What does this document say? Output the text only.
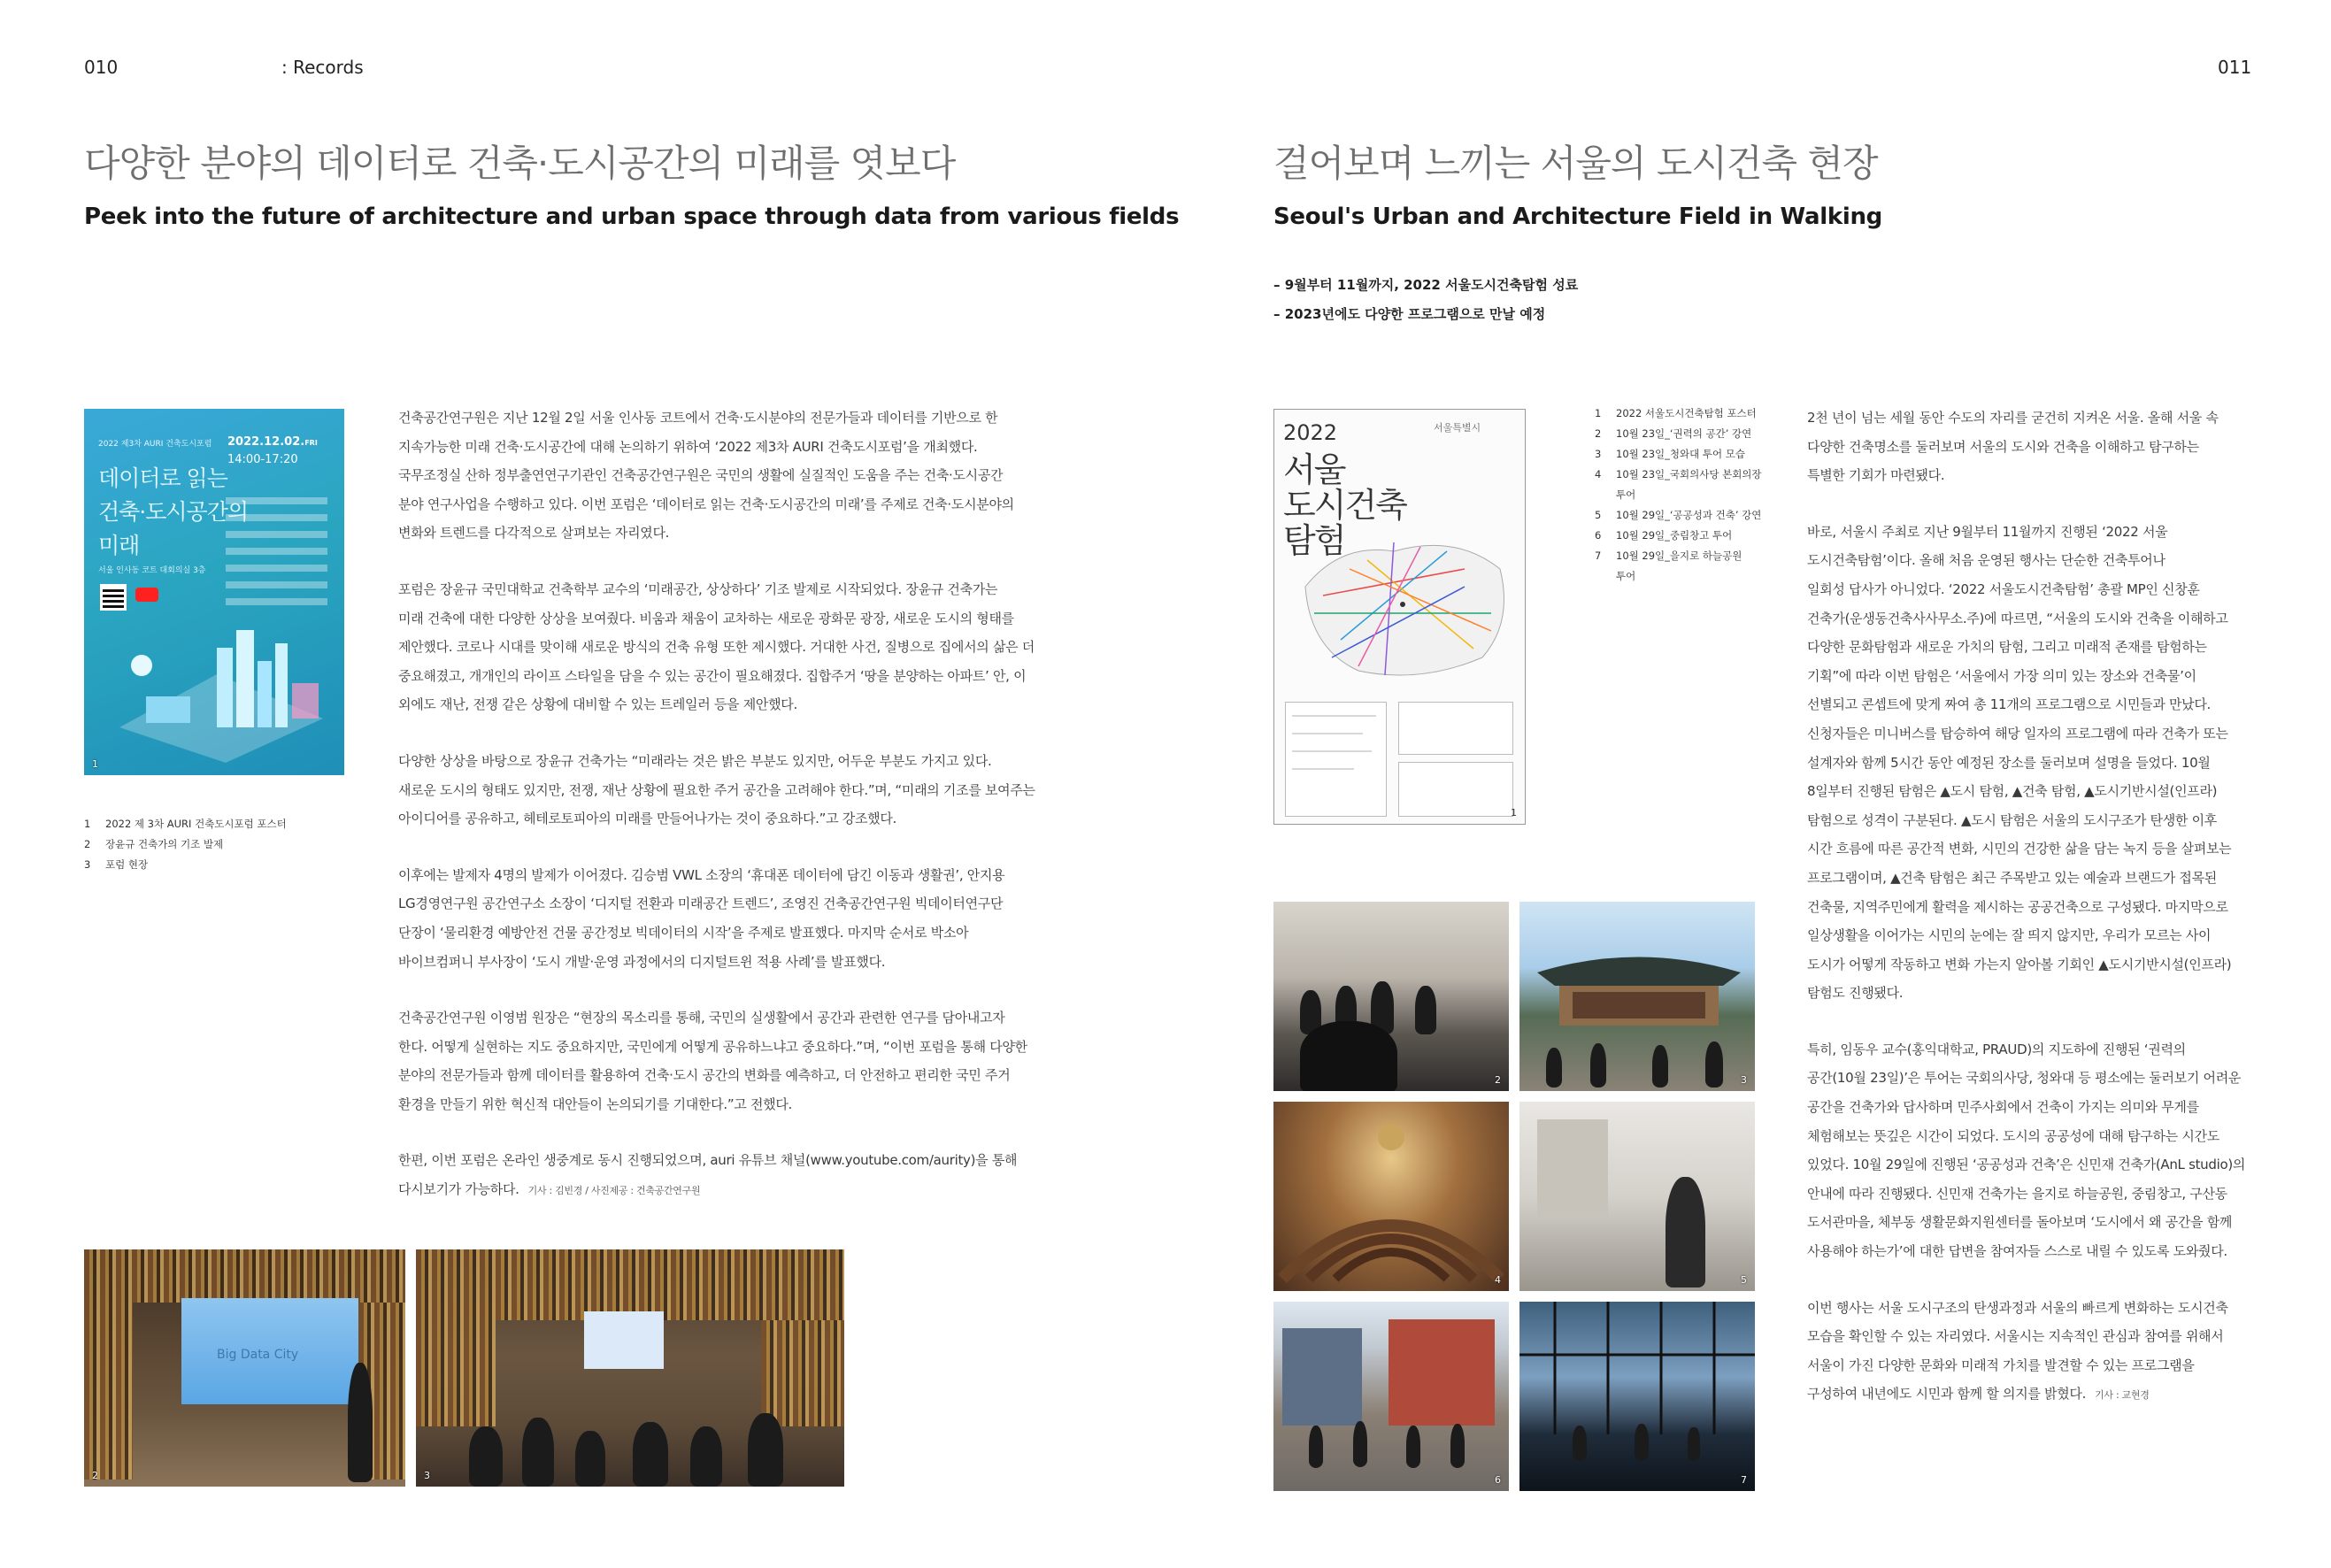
010	: Records	011
다양한 분야의 데이터로 건축·도시공간의 미래를 엿보다
Peek into the future of architecture and urban space through data from various fields
2022 제3차 AURI 건축도시포럼 2022.12.02.FRI
14:00-17:20
데이터로 읽는
건축·도시공간의
미래
서울 인사동 코트 대회의실 3층
1
1 2022 제 3차 AURI 건축도시포럼 포스터
2 장윤규 건축가의 기조 발제
3 포럼 현장

건축공간연구원은 지난 12월 2일 서울 인사동 코트에서 건축·도시분야의 전문가들과 데이터를 기반으로 한
지속가능한 미래 건축·도시공간에 대해 논의하기 위하여 ‘2022 제3차 AURI 건축도시포럼’을 개최했다.
국무조정실 산하 정부출연연구기관인 건축공간연구원은 국민의 생활에 실질적인 도움을 주는 건축·도시공간
분야 연구사업을 수행하고 있다. 이번 포럼은 ‘데이터로 읽는 건축·도시공간의 미래’를 주제로 건축·도시분야의
변화와 트렌드를 다각적으로 살펴보는 자리였다.

포럼은 장윤규 국민대학교 건축학부 교수의 ‘미래공간, 상상하다’ 기조 발제로 시작되었다. 장윤규 건축가는
미래 건축에 대한 다양한 상상을 보여줬다. 비움과 채움이 교차하는 새로운 광화문 광장, 새로운 도시의 형태를
제안했다. 코로나 시대를 맞이해 새로운 방식의 건축 유형 또한 제시했다. 거대한 사건, 질병으로 집에서의 삶은 더
중요해졌고, 개개인의 라이프 스타일을 담을 수 있는 공간이 필요해졌다. 집합주거 ‘땅을 분양하는 아파트’ 안, 이
외에도 재난, 전쟁 같은 상황에 대비할 수 있는 트레일러 등을 제안했다.

다양한 상상을 바탕으로 장윤규 건축가는 “미래라는 것은 밝은 부분도 있지만, 어두운 부분도 가지고 있다.
새로운 도시의 형태도 있지만, 전쟁, 재난 상황에 필요한 주거 공간을 고려해야 한다.”며, “미래의 기조를 보여주는
아이디어를 공유하고, 헤테로토피아의 미래를 만들어나가는 것이 중요하다.”고 강조했다.

이후에는 발제자 4명의 발제가 이어졌다. 김승범 VWL 소장의 ‘휴대폰 데이터에 담긴 이동과 생활권’, 안지용
LG경영연구원 공간연구소 소장이 ‘디지털 전환과 미래공간 트렌드’, 조영진 건축공간연구원 빅데이터연구단
단장이 ‘물리환경 예방안전 건물 공간정보 빅데이터의 시작’을 주제로 발표했다. 마지막 순서로 박소아
바이브컴퍼니 부사장이 ‘도시 개발·운영 과정에서의 디지털트윈 적용 사례’를 발표했다.

건축공간연구원 이영범 원장은 “현장의 목소리를 통해, 국민의 실생활에서 공간과 관련한 연구를 담아내고자
한다. 어떻게 실현하는 지도 중요하지만, 국민에게 어떻게 공유하느냐고 중요하다.”며, “이번 포럼을 통해 다양한
분야의 전문가들과 함께 데이터를 활용하여 건축·도시 공간의 변화를 예측하고, 더 안전하고 편리한 국민 주거
환경을 만들기 위한 혁신적 대안들이 논의되기를 기대한다.”고 전했다.

한편, 이번 포럼은 온라인 생중계로 동시 진행되었으며, auri 유튜브 채널(www.youtube.com/aurity)을 통해
다시보기가 가능하다. 기사 : 김빈경 / 사진제공 : 건축공간연구원

Big Data City
2	3
걸어보며 느끼는 서울의 도시건축 현장
Seoul's Urban and Architecture Field in Walking
– 9월부터 11월까지, 2022 서울도시건축탐험 성료
– 2023년에도 다양한 프로그램으로 만날 예정
2022
서울
도시건축
탐험
서울특별시
1
1 2022 서울도시건축탐험 포스터
2 10월 23일_‘권력의 공간’ 강연
3 10월 23일_청와대 투어 모습
4 10월 23일_국회의사당 본회의장
투어
5 10월 29일_‘공공성과 건축’ 강연
6 10월 29일_중림창고 투어
7 10월 29일_을지로 하늘공원
투어
2	3
4	5
6	7

2천 년이 넘는 세월 동안 수도의 자리를 굳건히 지켜온 서울. 올해 서울 속
다양한 건축명소를 둘러보며 서울의 도시와 건축을 이해하고 탐구하는
특별한 기회가 마련됐다.

바로, 서울시 주최로 지난 9월부터 11월까지 진행된 ‘2022 서울
도시건축탐험’이다. 올해 처음 운영된 행사는 단순한 건축투어나
일회성 답사가 아니었다. ‘2022 서울도시건축탐험’ 총괄 MP인 신창훈
건축가(운생동건축사사무소.주)에 따르면, “서울의 도시와 건축을 이해하고
다양한 문화탐험과 새로운 가치의 탐험, 그리고 미래적 존재를 탐험하는
기획”에 따라 이번 탐험은 ‘서울에서 가장 의미 있는 장소와 건축물’이
선별되고 콘셉트에 맞게 짜여 총 11개의 프로그램으로 시민들과 만났다.
신청자들은 미니버스를 탑승하여 해당 일자의 프로그램에 따라 건축가 또는
설계자와 함께 5시간 동안 예정된 장소를 둘러보며 설명을 들었다. 10월
8일부터 진행된 탐험은 ▲도시 탐험, ▲건축 탐험, ▲도시기반시설(인프라)
탐험으로 성격이 구분된다. ▲도시 탐험은 서울의 도시구조가 탄생한 이후
시간 흐름에 따른 공간적 변화, 시민의 건강한 삶을 담는 녹지 등을 살펴보는
프로그램이며, ▲건축 탐험은 최근 주목받고 있는 예술과 브랜드가 접목된
건축물, 지역주민에게 활력을 제시하는 공공건축으로 구성됐다. 마지막으로
일상생활을 이어가는 시민의 눈에는 잘 띄지 않지만, 우리가 모르는 사이
도시가 어떻게 작동하고 변화 가는지 알아볼 기회인 ▲도시기반시설(인프라)
탐험도 진행됐다.

특히, 임동우 교수(홍익대학교, PRAUD)의 지도하에 진행된 ‘권력의
공간(10월 23일)’은 투어는 국회의사당, 청와대 등 평소에는 둘러보기 어려운
공간을 건축가와 답사하며 민주사회에서 건축이 가지는 의미와 무게를
체험해보는 뜻깊은 시간이 되었다. 도시의 공공성에 대해 탐구하는 시간도
있었다. 10월 29일에 진행된 ‘공공성과 건축’은 신민재 건축가(AnL studio)의
안내에 따라 진행됐다. 신민재 건축가는 을지로 하늘공원, 중림창고, 구산동
도서관마을, 체부동 생활문화지원센터를 돌아보며 ‘도시에서 왜 공간을 함께
사용해야 하는가’에 대한 답변을 참여자들 스스로 내릴 수 있도록 도와줬다.

이번 행사는 서울 도시구조의 탄생과정과 서울의 빠르게 변화하는 도시건축
모습을 확인할 수 있는 자리였다. 서울시는 지속적인 관심과 참여를 위해서
서울이 가진 다양한 문화와 미래적 가치를 발견할 수 있는 프로그램을
구성하여 내년에도 시민과 함께 할 의지를 밝혔다. 기사 : 교현경
